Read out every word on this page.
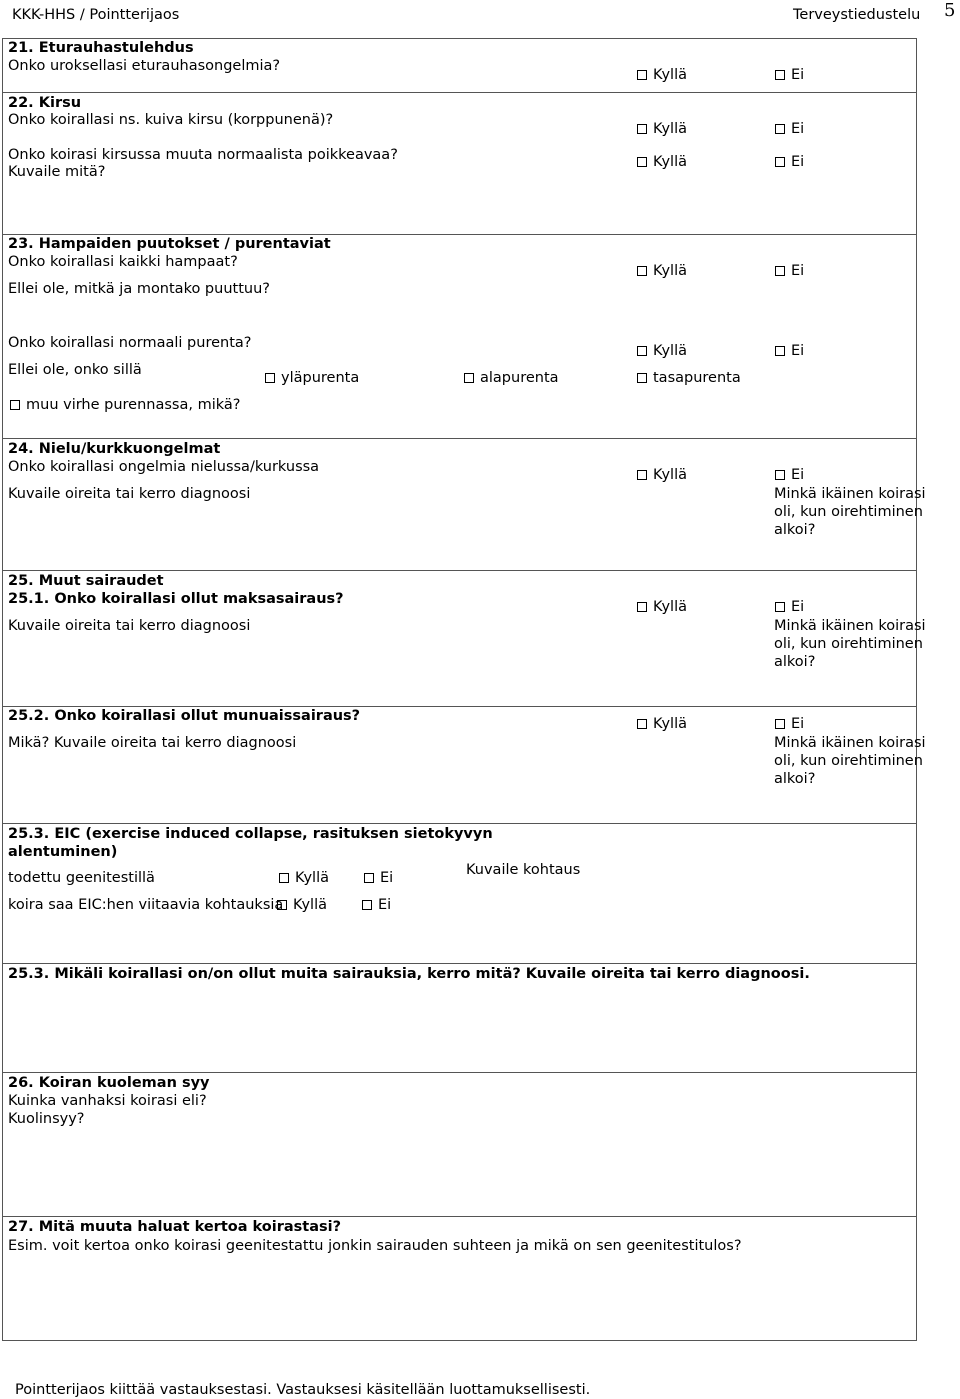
KKK-HHS / Pointterijaos	Terveystiedustelu 5
21. Eturauhastulehdus
Onko uroksellasi eturauhasongelmia?
Kyllä	Ei
22. Kirsu
Onko koirallasi ns. kuiva kirsu (korppunenä)?
Kyllä	Ei
Onko koirasi kirsussa muuta normaalista poikkeavaa?
Kuvaile mitä?
Kyllä	Ei
23. Hampaiden puutokset / purentaviat
Onko koirallasi kaikki hampaat?
Kyllä	Ei
Ellei ole, mitkä ja montako puuttuu?
Onko koirallasi normaali purenta?	Kyllä	Ei
Ellei ole, onko sillä	yläpurenta	alapurenta	tasapurenta
muu virhe purennassa, mikä?
24. Nielu/kurkkuongelmat
Onko koirallasi ongelmia nielussa/kurkussa	Kyllä	Ei
Kuvaile oireita tai kerro diagnoosi	Minkä ikäinen koirasi
oli, kun oirehtiminen
alkoi?
25. Muut sairaudet
25.1. Onko koirallasi ollut maksasairaus?	Kyllä	Ei
Kuvaile oireita tai kerro diagnoosi	Minkä ikäinen koirasi
oli, kun oirehtiminen
alkoi?
25.2. Onko koirallasi ollut munuaissairaus?	Kyllä	Ei
Mikä? Kuvaile oireita tai kerro diagnoosi	Minkä ikäinen koirasi
oli, kun oirehtiminen
alkoi?
25.3. EIC (exercise induced collapse, rasituksen sietokyvyn
alentuminen)
Kuvaile kohtaus
todettu geenitestillä	Kyllä	Ei
koira saa EIC:hen viitaavia kohtauksia Kyllä	Ei
25.3. Mikäli koirallasi on/on ollut muita sairauksia, kerro mitä? Kuvaile oireita tai kerro diagnoosi.
26. Koiran kuoleman syy
Kuinka vanhaksi koirasi eli?
Kuolinsyy?
27. Mitä muuta haluat kertoa koirastasi?
Esim. voit kertoa onko koirasi geenitestattu jonkin sairauden suhteen ja mikä on sen geenitestitulos?
Pointterijaos kiittää vastauksestasi. Vastauksesi käsitellään luottamuksellisesti.
